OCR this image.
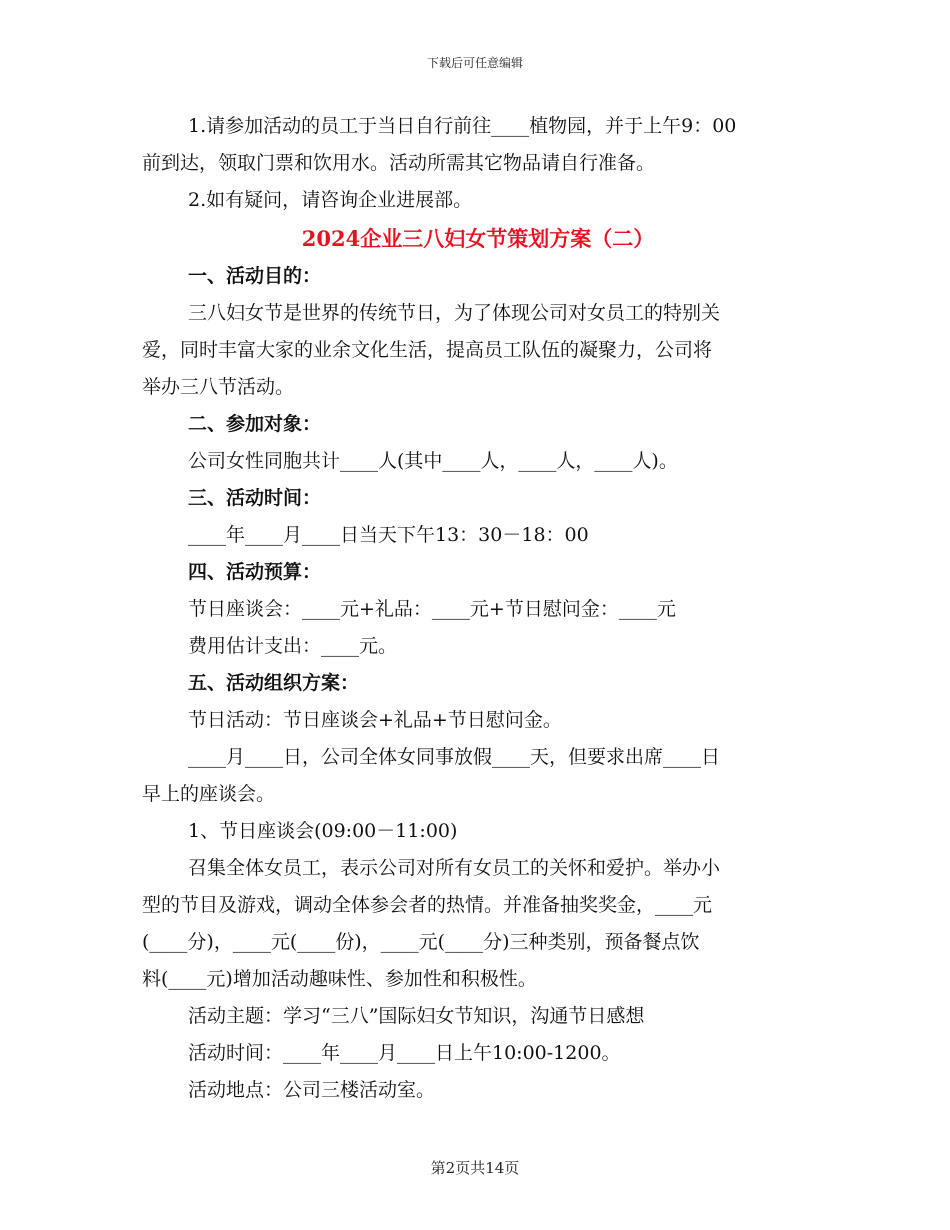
下载后可任意编辑
1.请参加活动的员工于当日自行前往____植物园，并于上午9：00
前到达，领取门票和饮用水。活动所需其它物品请自行准备。
2.如有疑问，请咨询企业进展部。
2024企业三八妇女节策划方案（二）
一、活动目的：
三八妇女节是世界的传统节日，为了体现公司对女员工的特别关
爱，同时丰富大家的业余文化生活，提高员工队伍的凝聚力，公司将
举办三八节活动。
二、参加对象：
公司女性同胞共计____人(其中____人，____人，____人)。
三、活动时间：
____年____月____日当天下午13：30－18：00
四、活动预算：
节日座谈会：____元+礼品：____元+节日慰问金：____元
费用估计支出：____元。
五、活动组织方案：
节日活动：节日座谈会+礼品+节日慰问金。
____月____日，公司全体女同事放假____天，但要求出席____日
早上的座谈会。
1、节日座谈会(09:00－11:00)
召集全体女员工，表示公司对所有女员工的关怀和爱护。举办小
型的节目及游戏，调动全体参会者的热情。并准备抽奖奖金，____元
(____分)，____元(____份)，____元(____分)三种类别，预备餐点饮
料(____元)增加活动趣味性、参加性和积极性。
活动主题：学习“三八”国际妇女节知识，沟通节日感想
活动时间：____年____月____日上午10:00-1200。
活动地点：公司三楼活动室。
第2页共14页
